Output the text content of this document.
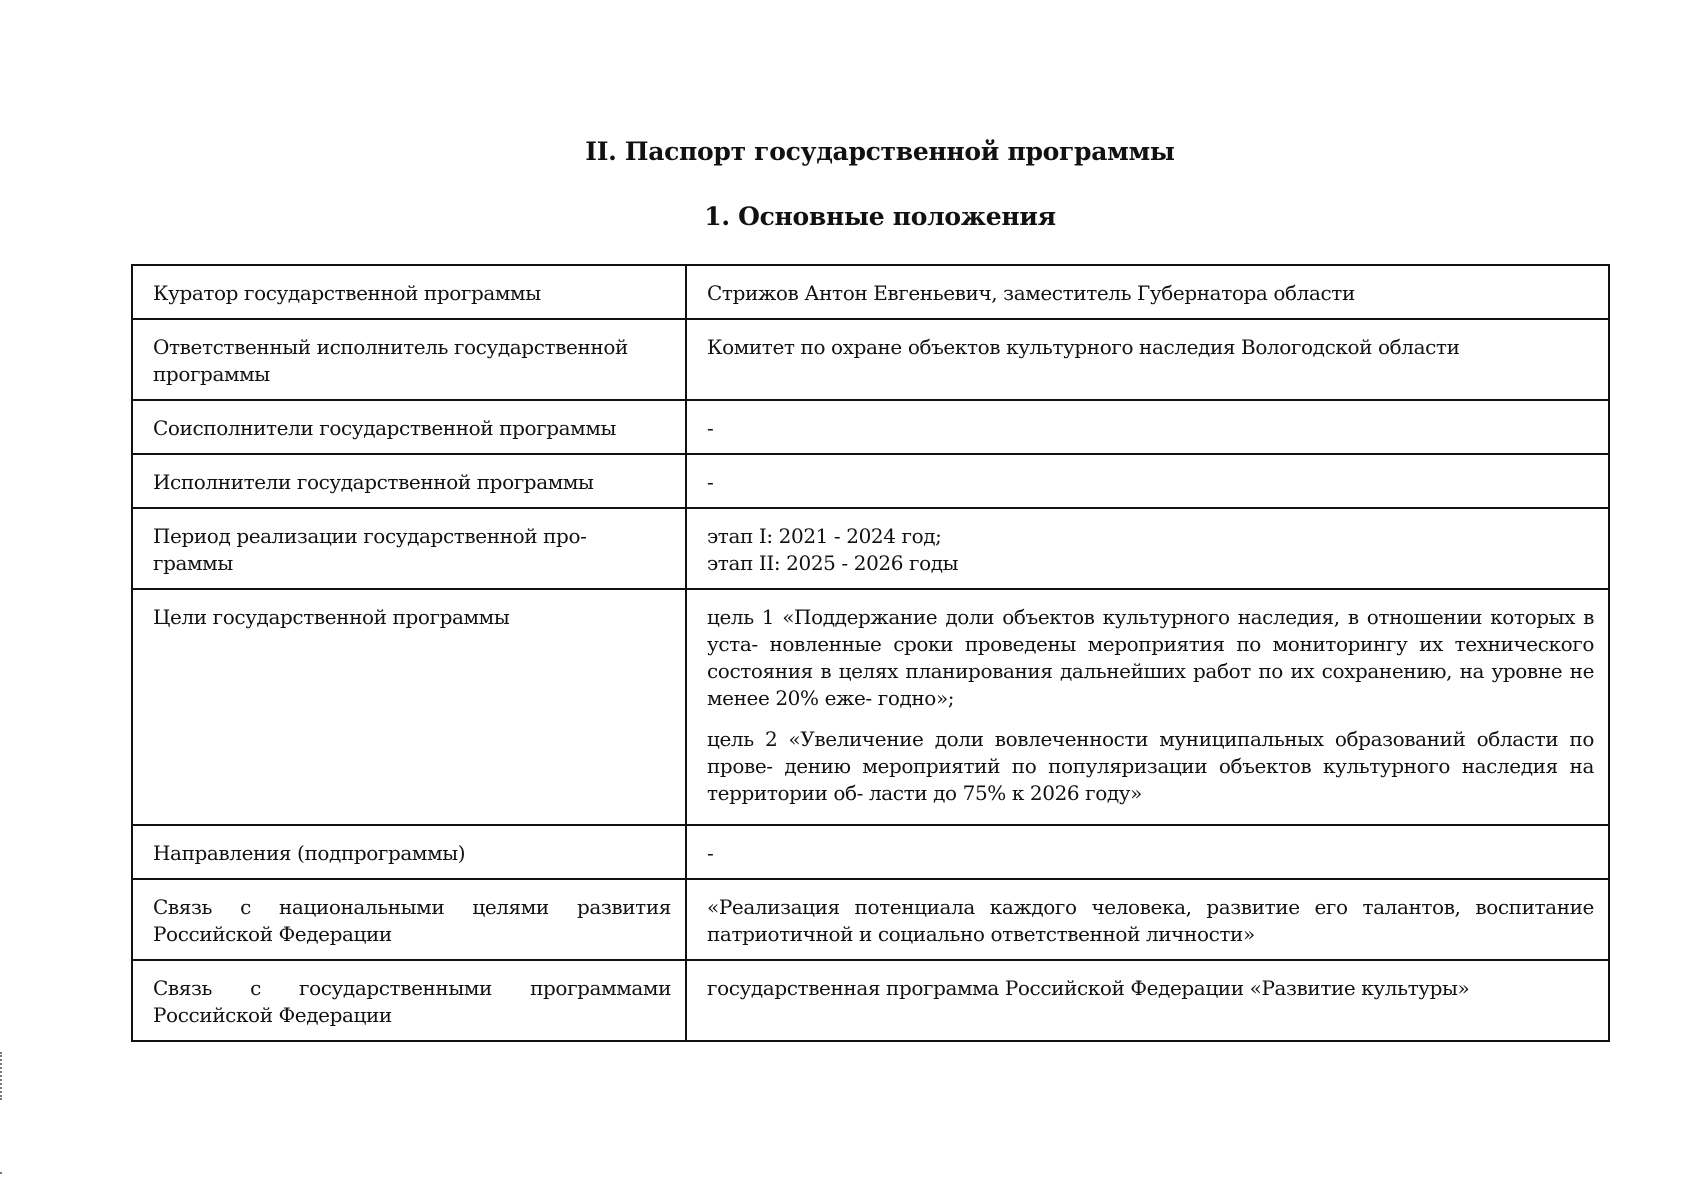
II. Паспорт государственной программы
1. Основные положения
Куратор государственной программы	Стрижов Антон Евгеньевич, заместитель Губернатора области
Ответственный исполнитель государственной программы	Комитет по охране объектов культурного наследия Вологодской области
Соисполнители государственной программы	-
Исполнители государственной программы	-
Период реализации государственной про- граммы	этап I: 2021 - 2024 год;
этап II: 2025 - 2026 годы

Цели государственной программы	цель 1 «Поддержание доли объектов культурного наследия, в отношении которых в уста- новленные сроки проведены мероприятия по мониторингу их технического состояния в целях планирования дальнейших работ по их сохранению, на уровне не менее 20% еже- годно»;

цель 2 «Увеличение доли вовлеченности муниципальных образований области по прове- дению мероприятий по популяризации объектов культурного наследия на территории об- ласти до 75% к 2026 году»

Направления (подпрограммы)	-
Связь с национальными целями развития Российской Федерации	«Реализация потенциала каждого человека, развитие его талантов, воспитание патриотичной и социально ответственной личности»
Связь с государственными программами Российской Федерации	государственная программа Российской Федерации «Развитие культуры»
